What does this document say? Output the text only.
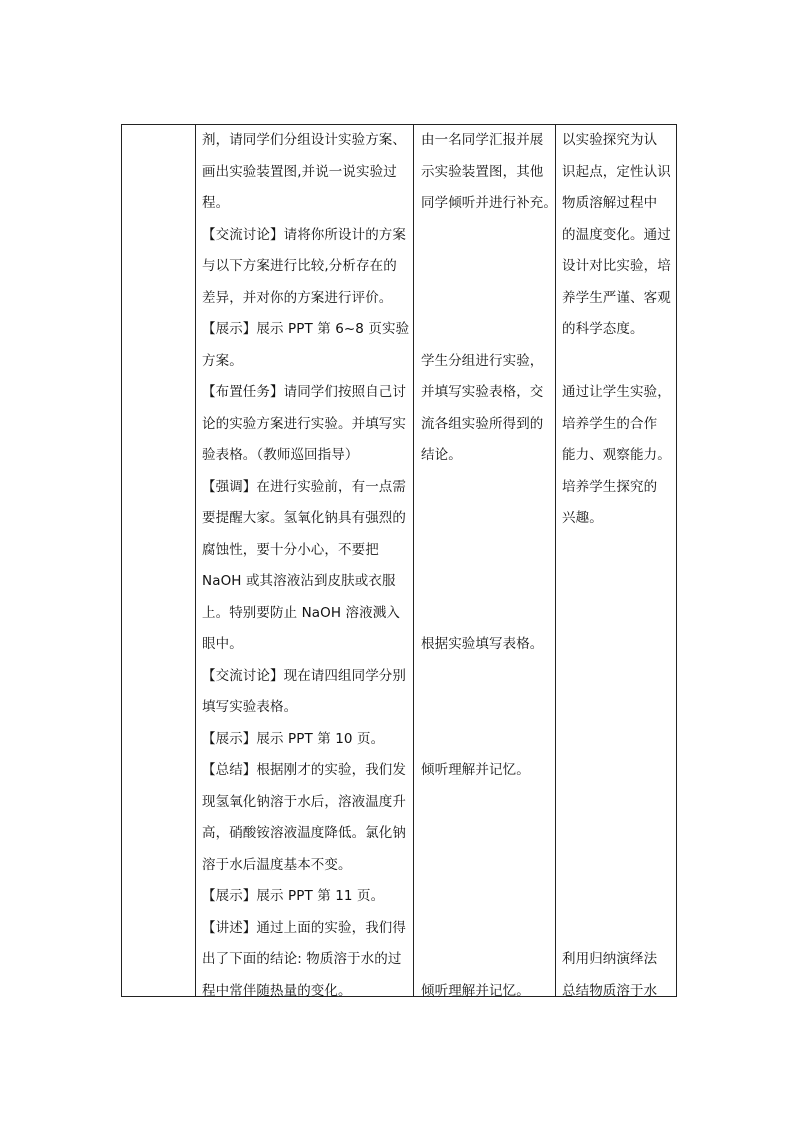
剂，请同学们分组设计实验方案、

画出实验装置图,并说一说实验过

程。

【交流讨论】请将你所设计的方案

与以下方案进行比较,分析存在的

差异，并对你的方案进行评价。

【展示】展示 PPT 第 6~8 页实验

方案。

【布置任务】请同学们按照自己讨

论的实验方案进行实验。并填写实

验表格。（教师巡回指导）

【强调】在进行实验前，有一点需

要提醒大家。氢氧化钠具有强烈的

腐蚀性，要十分小心，不要把

NaOH 或其溶液沾到皮肤或衣服

上。特别要防止 NaOH 溶液溅入

眼中。

【交流讨论】现在请四组同学分别

填写实验表格。

【展示】展示 PPT 第 10 页。

【总结】根据刚才的实验，我们发

现氢氧化钠溶于水后，溶液温度升

高，硝酸铵溶液温度降低。氯化钠

溶于水后温度基本不变。

【展示】展示 PPT 第 11 页。

【讲述】通过上面的实验，我们得

出了下面的结论: 物质溶于水的过

程中常伴随热量的变化。

由一名同学汇报并展

示实验装置图，其他

同学倾听并进行补充。

学生分组进行实验，

并填写实验表格，交

流各组实验所得到的

结论。

根据实验填写表格。

倾听理解并记忆。

倾听理解并记忆。

以实验探究为认

识起点，定性认识

物质溶解过程中

的温度变化。通过

设计对比实验，培

养学生严谨、客观

的科学态度。

通过让学生实验，

培养学生的合作

能力、观察能力。

培养学生探究的

兴趣。

利用归纳演绎法

总结物质溶于水
